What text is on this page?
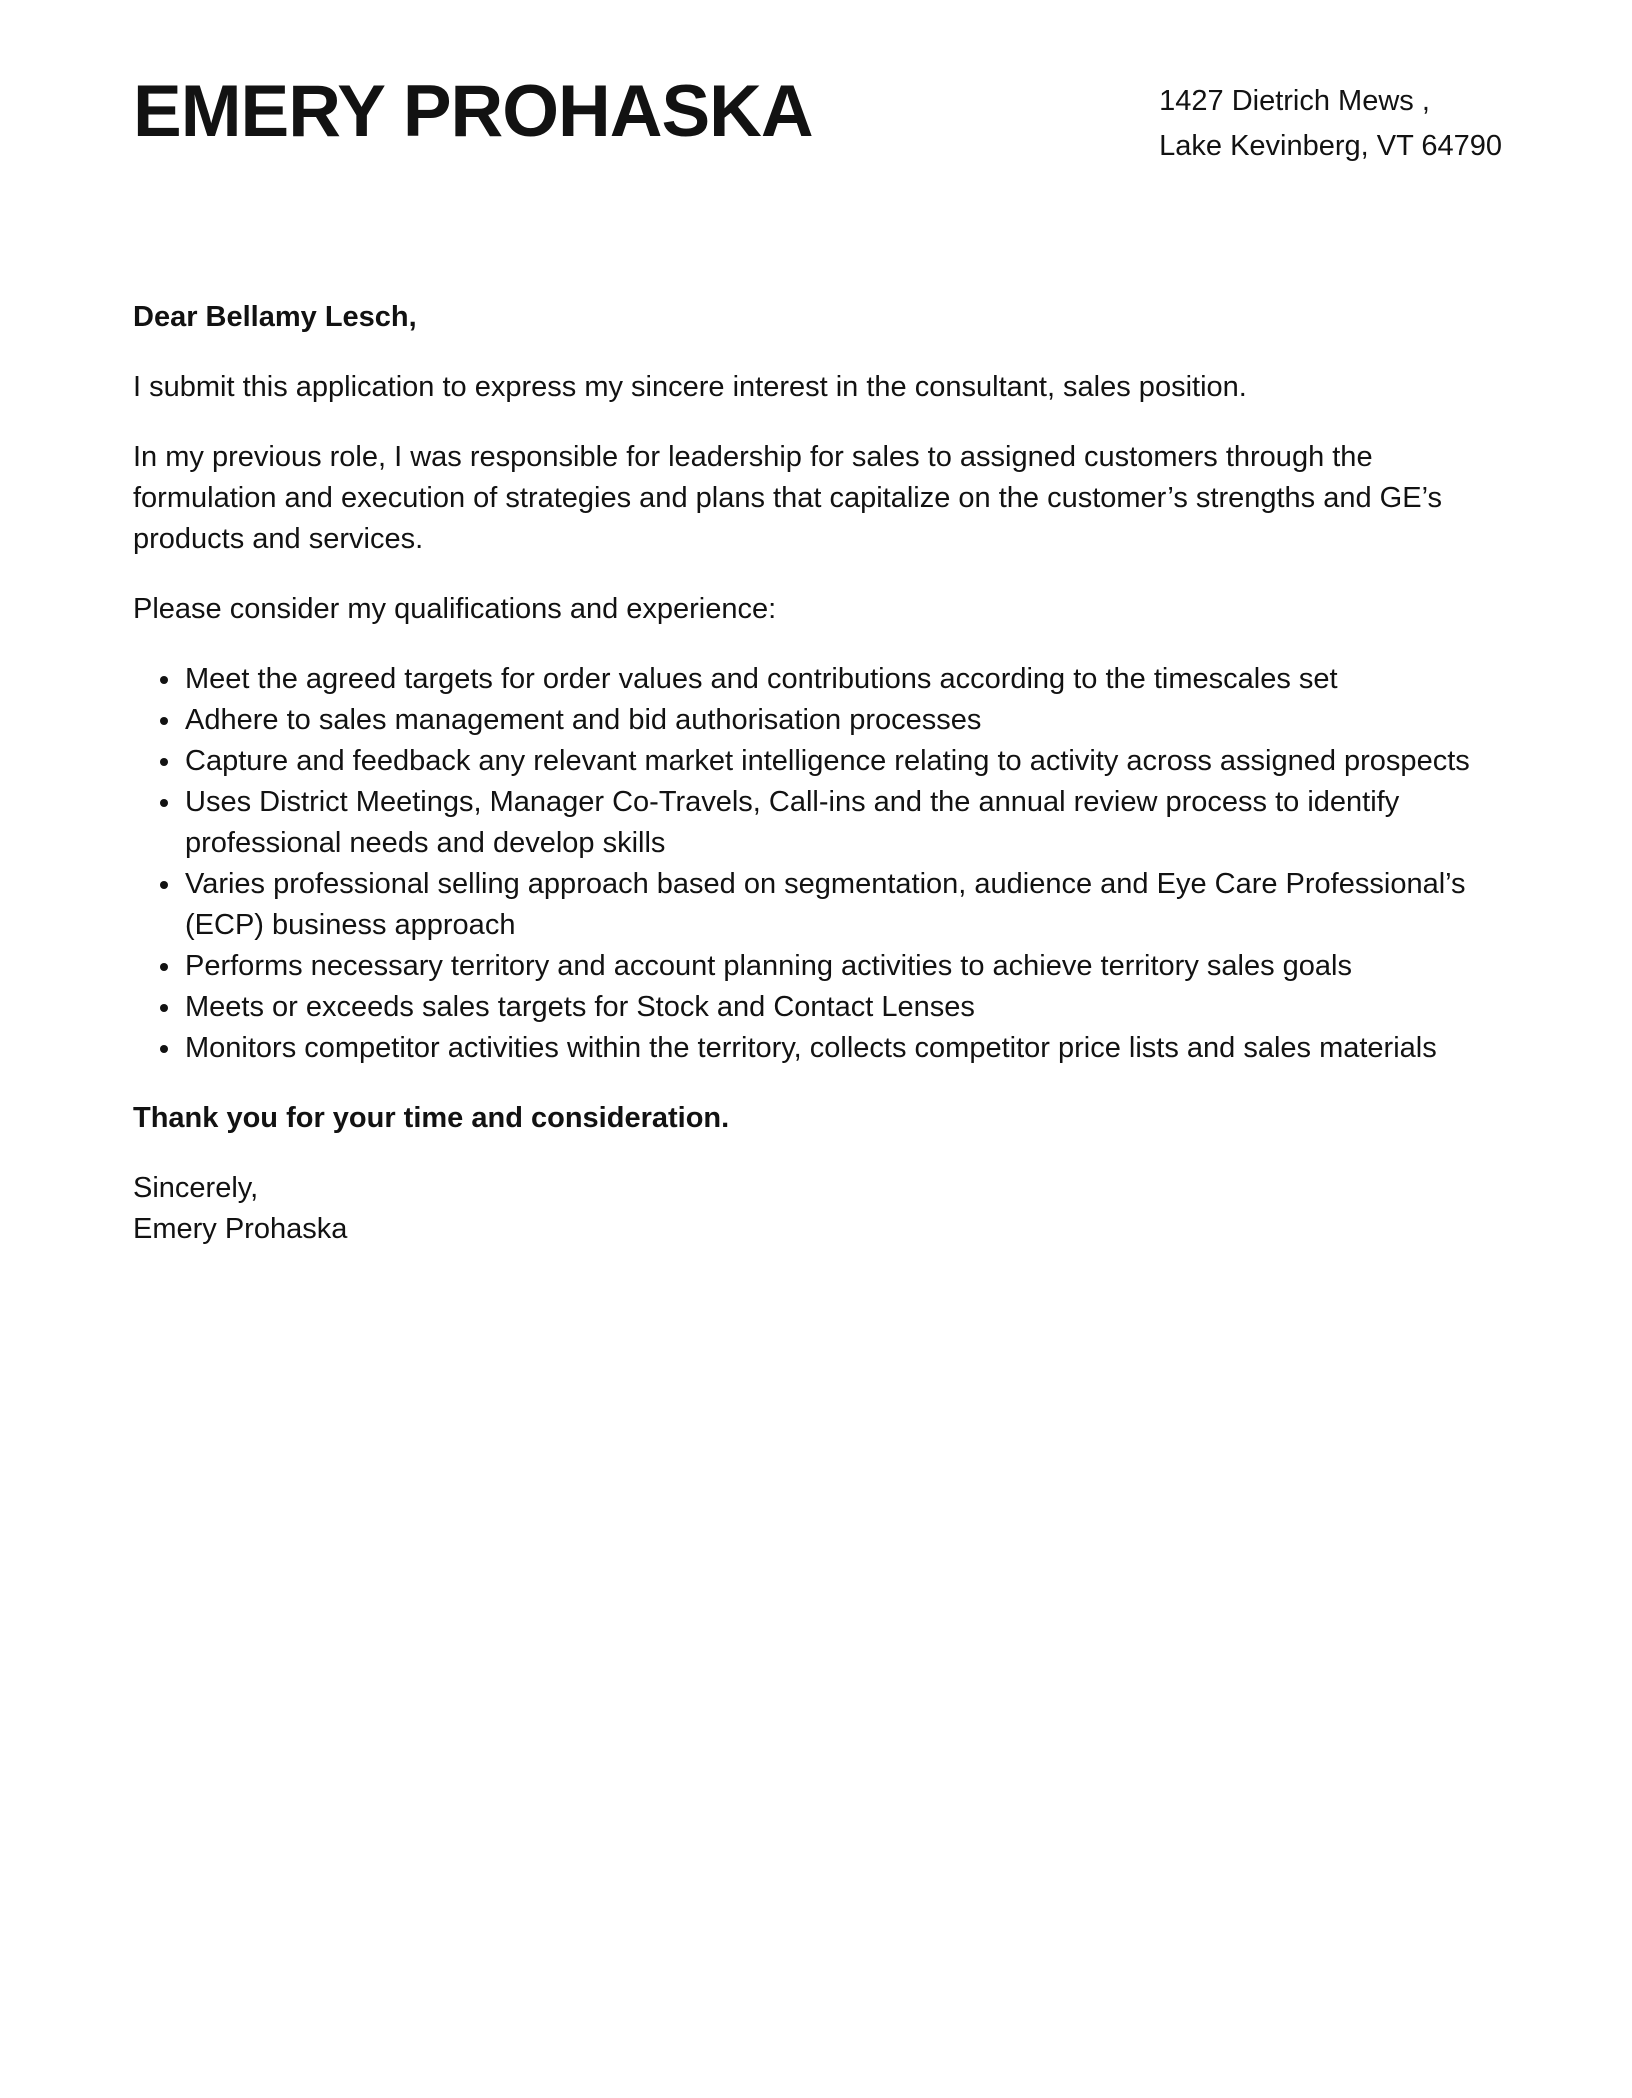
EMERY PROHASKA	1427 Dietrich Mews ,
Lake Kevinberg, VT 64790

Dear Bellamy Lesch,

I submit this application to express my sincere interest in the consultant, sales position.

In my previous role, I was responsible for leadership for sales to assigned customers through the formulation and execution of strategies and plans that capitalize on the customer’s strengths and GE’s products and services.

Please consider my qualifications and experience:

• Meet the agreed targets for order values and contributions according to the timescales set
• Adhere to sales management and bid authorisation processes
• Capture and feedback any relevant market intelligence relating to activity across assigned prospects
• Uses District Meetings, Manager Co-Travels, Call-ins and the annual review process to identify professional needs and develop skills
• Varies professional selling approach based on segmentation, audience and Eye Care Professional’s (ECP) business approach
• Performs necessary territory and account planning activities to achieve territory sales goals
• Meets or exceeds sales targets for Stock and Contact Lenses
• Monitors competitor activities within the territory, collects competitor price lists and sales materials

Thank you for your time and consideration.

Sincerely,
Emery Prohaska
